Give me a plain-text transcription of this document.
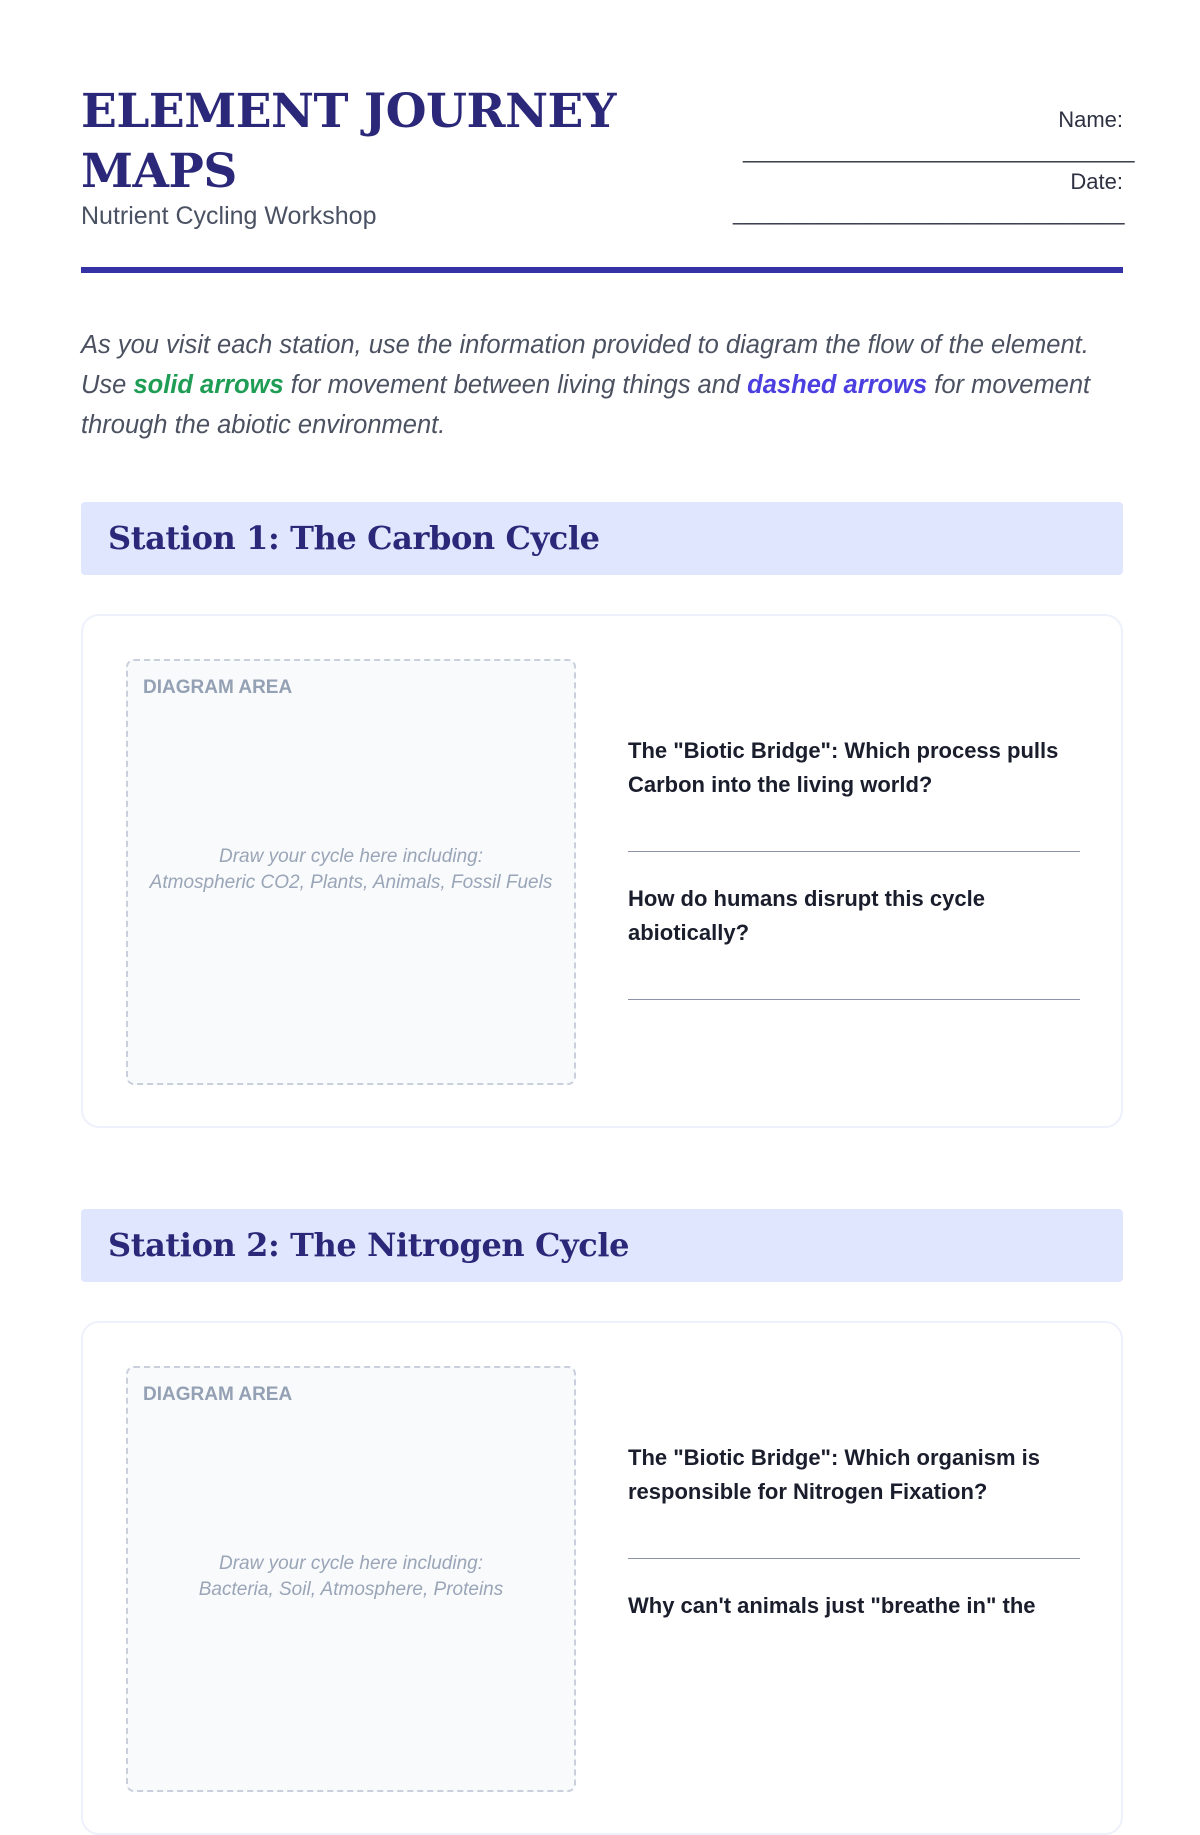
ELEMENT JOURNEY MAPS
Nutrient Cycling Workshop
Name:
________________________________
Date:
________________________________

As you visit each station, use the information provided to diagram the flow of the element. Use solid arrows for movement between living things and dashed arrows for movement through the abiotic environment.

Station 1: The Carbon Cycle
DIAGRAM AREA
Draw your cycle here including:
Atmospheric CO2, Plants, Animals, Fossil Fuels
The "Biotic Bridge": Which process pulls Carbon into the living world?
How do humans disrupt this cycle abiotically?
Station 2: The Nitrogen Cycle
DIAGRAM AREA
Draw your cycle here including:
Bacteria, Soil, Atmosphere, Proteins
The "Biotic Bridge": Which organism is responsible for Nitrogen Fixation?
Why can't animals just "breathe in" the
